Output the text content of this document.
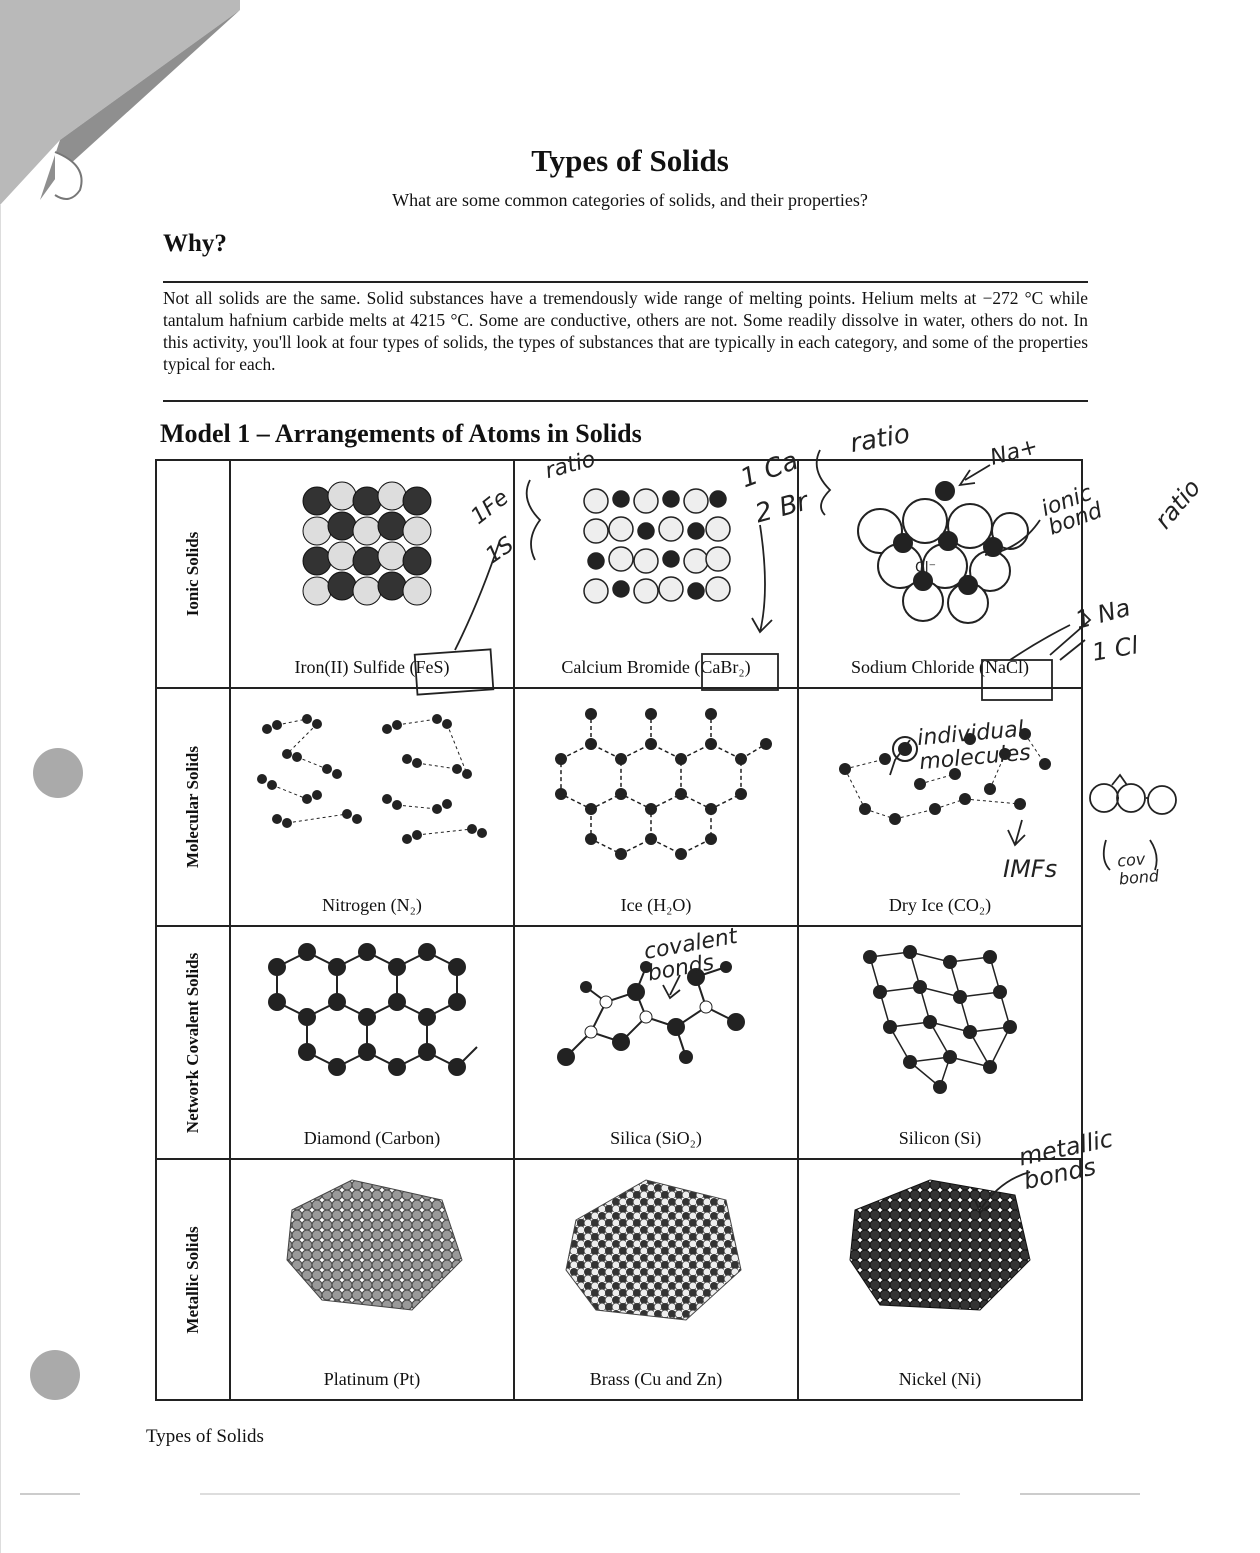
Types of Solids
What are some common categories of solids, and their properties?
Why?
Not all solids are the same. Solid substances have a tremendously wide range of melting points. Helium melts at −272 °C while tantalum hafnium carbide melts at 4215 °C. Some are conductive, others are not. Some readily dissolve in water, others do not. In this activity, you'll look at four types of solids, the types of substances that are typically in each category, and some of the properties typical for each.
Model 1 – Arrangements of Atoms in Solids
Ionic Solids	Iron(II) Sulfide (FeS)	Calcium Bromide (CaBr₂)	Sodium Chloride (NaCl)

Molecular Solids	Nitrogen (N₂)	Ice (H₂O)	Dry Ice (CO₂)

Network Covalent Solids	Diamond (Carbon)	Silica (SiO₂)	Silicon (Si)

Metallic Solids	Platinum (Pt)	Brass (Cu and Zn)	Nickel (Ni)
1Fe
1S
ratio	1 Ca
2 Br
ratio	Na+
ionic bond	ratio
1 Na
1 Cl
Cl⁻
individual molecules
IMFs	cov bond
covalent bonds
metallic bonds
Types of Solids
